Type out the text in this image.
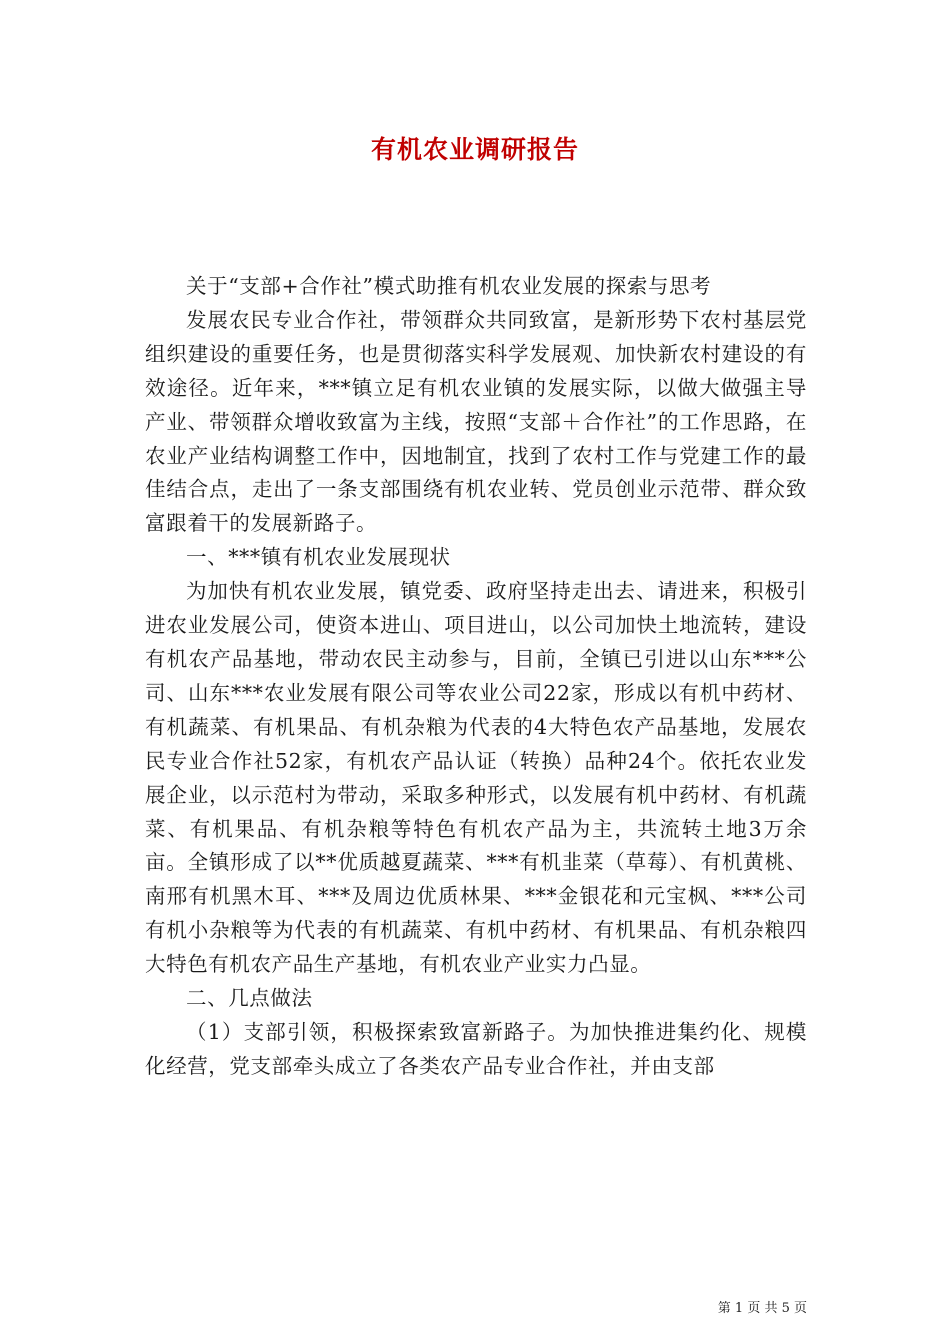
有机农业调研报告

关于“支部+合作社”模式助推有机农业发展的探索与思考

发展农民专业合作社，带领群众共同致富，是新形势下农村基层党组织建设的重要任务，也是贯彻落实科学发展观、加快新农村建设的有效途径。近年来，***镇立足有机农业镇的发展实际，以做大做强主导产业、带领群众增收致富为主线，按照“支部＋合作社”的工作思路，在农业产业结构调整工作中，因地制宜，找到了农村工作与党建工作的最佳结合点，走出了一条支部围绕有机农业转、党员创业示范带、群众致富跟着干的发展新路子。

一、***镇有机农业发展现状

为加快有机农业发展，镇党委、政府坚持走出去、请进来，积极引进农业发展公司，使资本进山、项目进山，以公司加快土地流转，建设有机农产品基地，带动农民主动参与，目前，全镇已引进以山东***公司、山东***农业发展有限公司等农业公司22家，形成以有机中药材、有机蔬菜、有机果品、有机杂粮为代表的4大特色农产品基地，发展农民专业合作社52家，有机农产品认证（转换）品种24个。依托农业发展企业，以示范村为带动，采取多种形式，以发展有机中药材、有机蔬菜、有机果品、有机杂粮等特色有机农产品为主，共流转土地3万余亩。全镇形成了以**优质越夏蔬菜、***有机韭菜（草莓）、有机黄桃、南邢有机黑木耳、***及周边优质林果、***金银花和元宝枫、***公司有机小杂粮等为代表的有机蔬菜、有机中药材、有机果品、有机杂粮四大特色有机农产品生产基地，有机农业产业实力凸显。

二、几点做法

（1）支部引领，积极探索致富新路子。为加快推进集约化、规模化经营，党支部牵头成立了各类农产品专业合作社，并由支部

第 1 页 共 5 页
